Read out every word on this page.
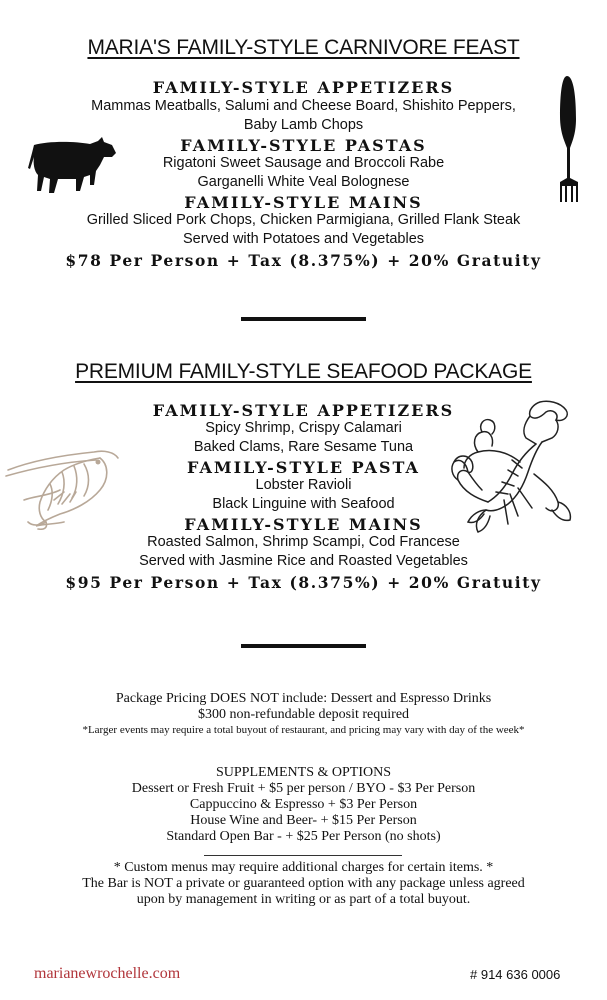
MARIA'S FAMILY-STYLE CARNIVORE FEAST
FAMILY-STYLE APPETIZERS
Mammas Meatballs, Salumi and Cheese Board, Shishito Peppers,
Baby Lamb Chops
FAMILY-STYLE PASTAS
Rigatoni Sweet Sausage and Broccoli Rabe
Garganelli White Veal Bolognese
FAMILY-STYLE MAINS
Grilled Sliced Pork Chops, Chicken Parmigiana, Grilled Flank Steak
Served with Potatoes and Vegetables
$78 Per Person + Tax (8.375%) + 20% Gratuity
PREMIUM FAMILY-STYLE SEAFOOD PACKAGE
FAMILY-STYLE APPETIZERS
Spicy Shrimp, Crispy Calamari
Baked Clams, Rare Sesame Tuna
FAMILY-STYLE PASTA
Lobster Ravioli
Black Linguine with Seafood
FAMILY-STYLE MAINS
Roasted Salmon, Shrimp Scampi, Cod Francese
Served with Jasmine Rice and Roasted Vegetables
$95 Per Person + Tax (8.375%) + 20% Gratuity
Package Pricing DOES NOT include: Dessert and Espresso Drinks
$300 non-refundable deposit required
*Larger events may require a total buyout of restaurant, and pricing may vary with day of the week*
SUPPLEMENTS & OPTIONS
Dessert or Fresh Fruit + $5 per person / BYO - $3 Per Person
Cappuccino & Espresso + $3 Per Person
House Wine and Beer- + $15 Per Person
Standard Open Bar - + $25 Per Person (no shots)
* Custom menus may require additional charges for certain items. *
The Bar is NOT a private or guaranteed option with any package unless agreed
upon by management in writing or as part of a total buyout.
marianewrochelle.com	# 914 636 0006
